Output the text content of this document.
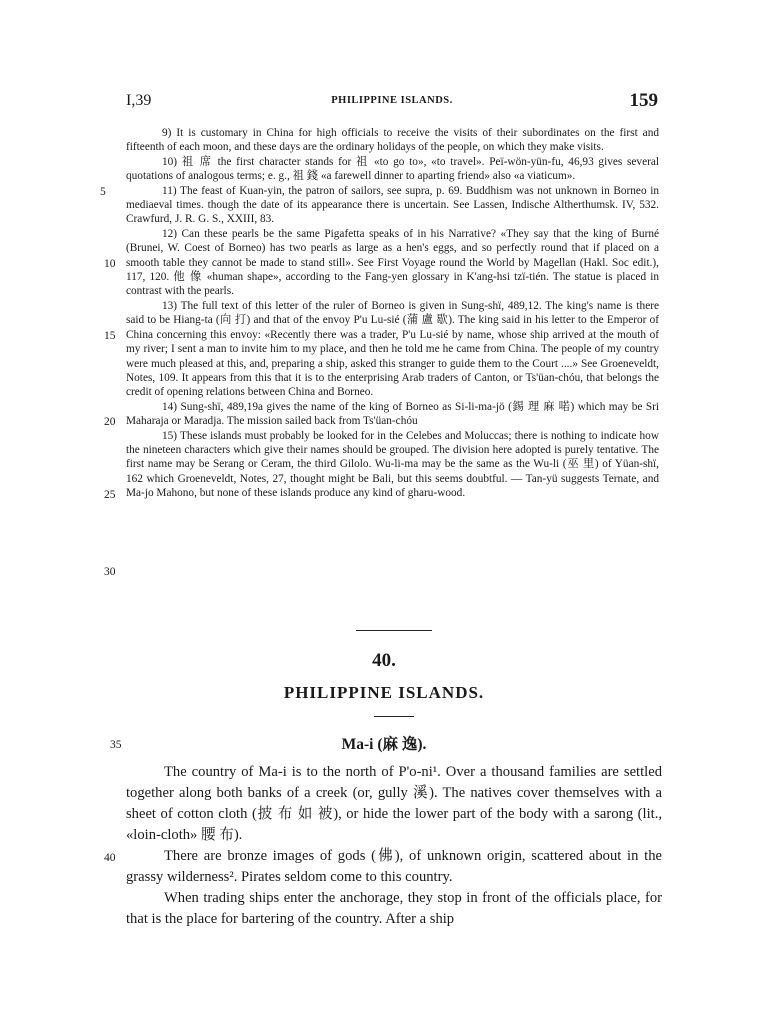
I,39	PHILIPPINE ISLANDS.	159
5
10
15
20
25
30
35
40

9) It is customary in China for high officials to receive the visits of their subordinates on the first and fifteenth of each moon, and these days are the ordinary holidays of the people, on which they make visits.

10) 祖 席 the first character stands for 祖 «to go to», «to travel». Peï-wön-yün-fu, 46,93 gives several quotations of analogous terms; e. g., 祖 錢 «a farewell dinner to aparting friend» also «a viaticum».

11) The feast of Kuan-yin, the patron of sailors, see supra, p. 69. Buddhism was not unknown in Borneo in mediaeval times. though the date of its appearance there is uncertain. See Lassen, Indische Altherthumsk. IV, 532. Crawfurd, J. R. G. S., XXIII, 83.

12) Can these pearls be the same Pigafetta speaks of in his Narrative? «They say that the king of Burné (Brunei, W. Coest of Borneo) has two pearls as large as a hen's eggs, and so perfectly round that if placed on a smooth table they cannot be made to stand still». See First Voyage round the World by Magellan (Hakl. Soc edit.), 117, 120. 他 像 «human shape», according to the Fang-yen glossary in K'ang-hsi tzï-tién. The statue is placed in contrast with the pearls.

13) The full text of this letter of the ruler of Borneo is given in Sung-shï, 489,12. The king's name is there said to be Hiang-ta (向 打) and that of the envoy P'u Lu-sié (蒲 盧 歇). The king said in his letter to the Emperor of China concerning this envoy: «Recently there was a trader, P'u Lu-sié by name, whose ship arrived at the mouth of my river; I sent a man to invite him to my place, and then he told me he came from China. The people of my country were much pleased at this, and, preparing a ship, asked this stranger to guide them to the Court ....» See Groeneveldt, Notes, 109. It appears from this that it is to the enterprising Arab traders of Canton, or Ts'üan-chóu, that belongs the credit of opening relations between China and Borneo.

14) Sung-shï, 489,19a gives the name of the king of Borneo as Si-li-ma-jö (錫 理 麻 喏) which may be Sri Maharaja or Maradja. The mission sailed back from Ts'üan-chóu

15) These islands must probably be looked for in the Celebes and Moluccas; there is nothing to indicate how the nineteen characters which give their names should be grouped. The division here adopted is purely tentative. The first name may be Serang or Ceram, the third Gilolo. Wu-li-ma may be the same as the Wu-li (巫 里) of Yüan-shï, 162 which Groeneveldt, Notes, 27, thought might be Bali, but this seems doubtful. — Tan-yü suggests Ternate, and Ma-jo Mahono, but none of these islands produce any kind of gharu-wood.

40.
PHILIPPINE ISLANDS.
Ma-i (麻 逸).

The country of Ma-i is to the north of P'o-ni¹. Over a thousand families are settled together along both banks of a creek (or, gully 溪). The natives cover themselves with a sheet of cotton cloth (披 布 如 被), or hide the lower part of the body with a sarong (lit., «loin-cloth» 腰 布).

There are bronze images of gods (佛), of unknown origin, scattered about in the grassy wilderness². Pirates seldom come to this country.

When trading ships enter the anchorage, they stop in front of the officials place, for that is the place for bartering of the country. After a ship
